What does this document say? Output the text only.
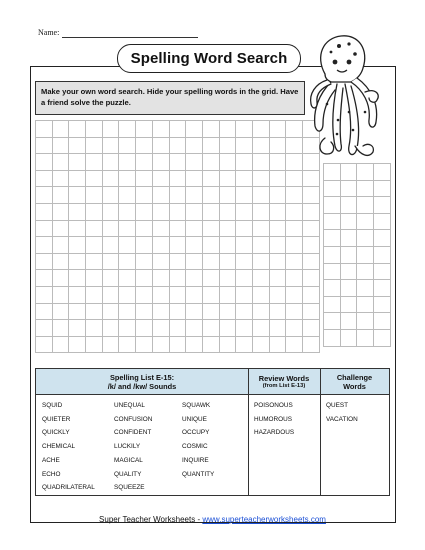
Name:
Spelling Word Search
Make your own word search. Hide your spelling words in the grid. Have a friend solve the puzzle.
Spelling List E-15:
/k/ and /kw/ Sounds
Review Words
(from List E-13)
Challenge
Words
SQUID
QUIETER
QUICKLY
CHEMICAL
ACHE
ECHO
QUADRILATERAL
UNEQUAL
CONFUSION
CONFIDENT
LUCKILY
MAGICAL
QUALITY
SQUEEZE
SQUAWK
UNIQUE
OCCUPY
COSMIC
INQUIRE
QUANTITY
POISONOUS
HUMOROUS
HAZARDOUS
QUEST
VACATION
Super Teacher Worksheets - www.superteacherworksheets.com
